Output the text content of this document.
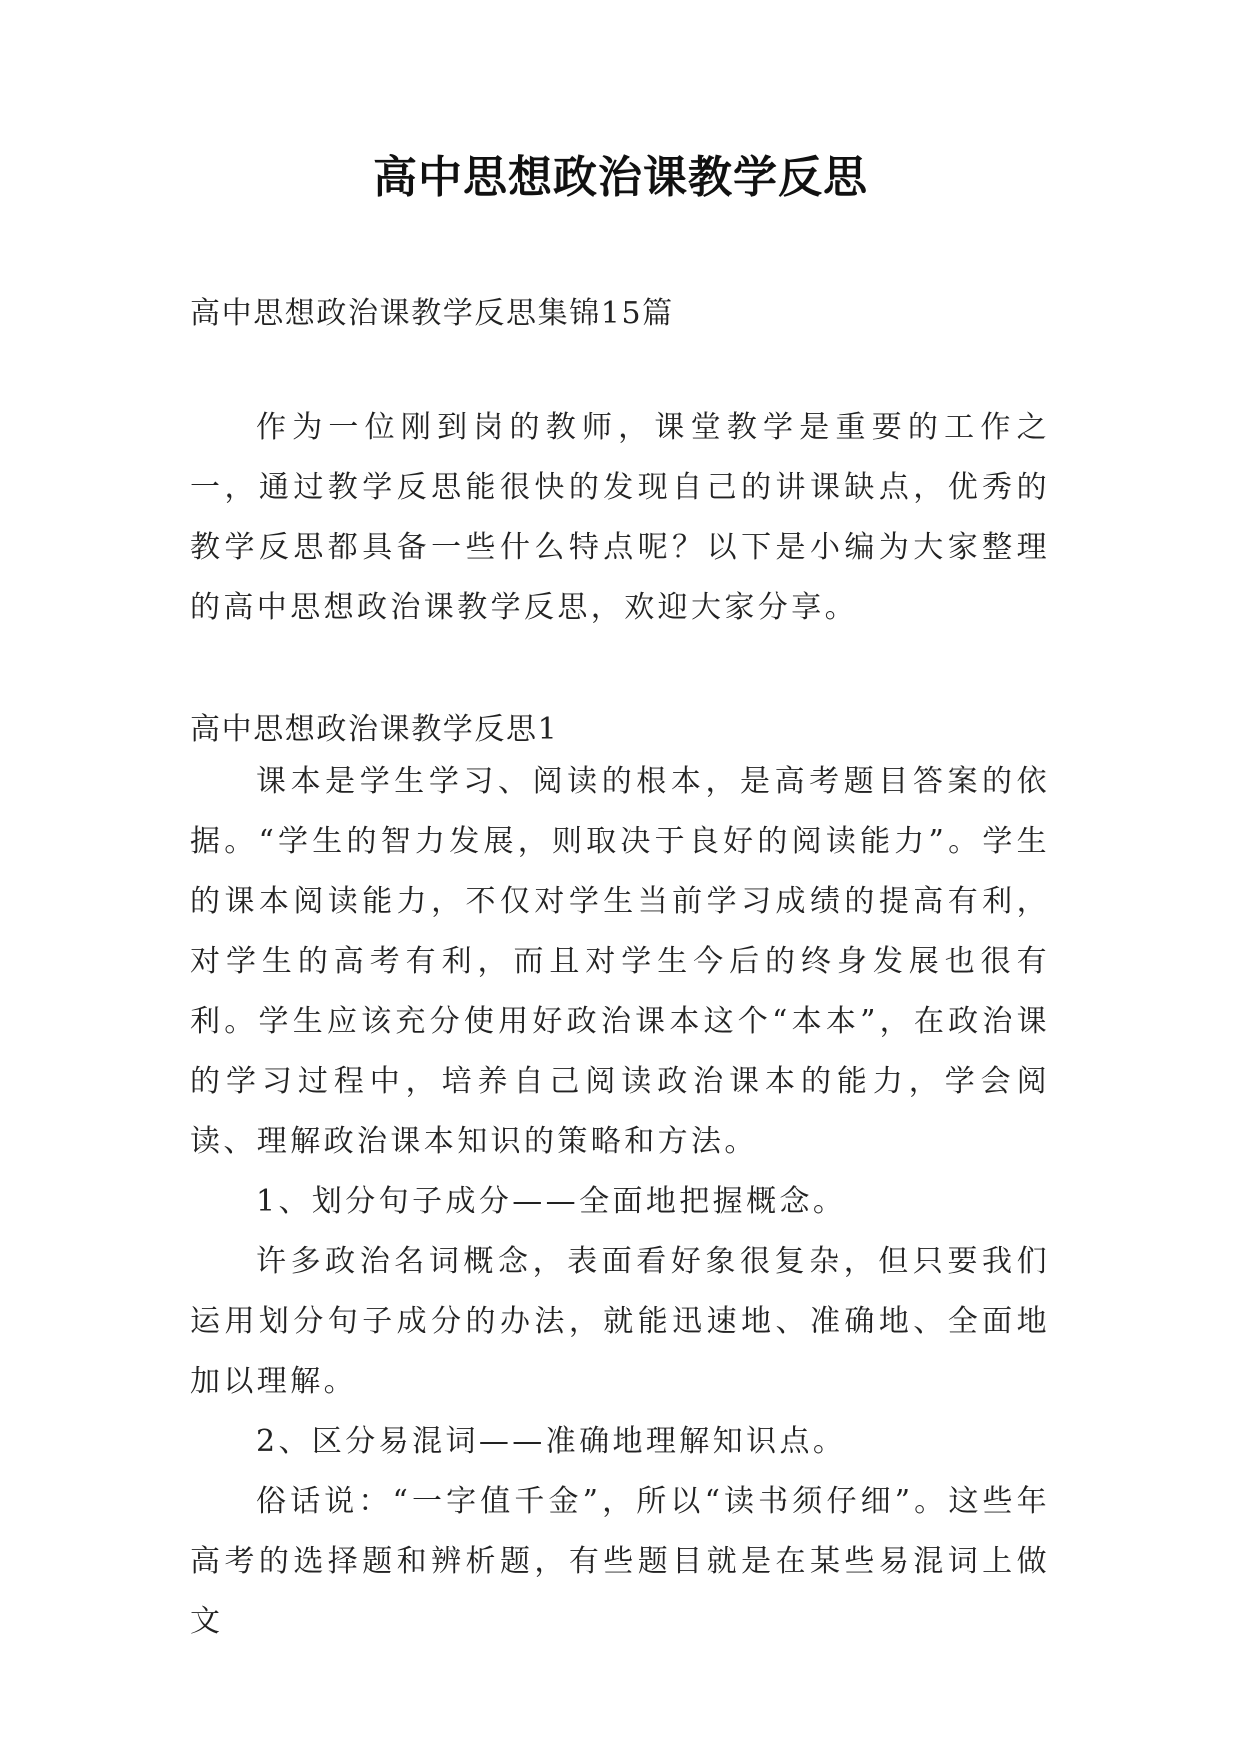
高中思想政治课教学反思
高中思想政治课教学反思集锦15篇

作为一位刚到岗的教师，课堂教学是重要的工作之一，通过教学反思能很快的发现自己的讲课缺点，优秀的教学反思都具备一些什么特点呢？以下是小编为大家整理的高中思想政治课教学反思，欢迎大家分享。

高中思想政治课教学反思1

课本是学生学习、阅读的根本，是高考题目答案的依据。“学生的智力发展，则取决于良好的阅读能力”。学生的课本阅读能力，不仅对学生当前学习成绩的提高有利，对学生的高考有利，而且对学生今后的终身发展也很有利。学生应该充分使用好政治课本这个“本本”，在政治课的学习过程中，培养自己阅读政治课本的能力，学会阅读、理解政治课本知识的策略和方法。

1、划分句子成分——全面地把握概念。

许多政治名词概念，表面看好象很复杂，但只要我们运用划分句子成分的办法，就能迅速地、准确地、全面地加以理解。

2、区分易混词——准确地理解知识点。

俗话说：“一字值千金”，所以“读书须仔细”。这些年高考的选择题和辨析题，有些题目就是在某些易混词上做文
